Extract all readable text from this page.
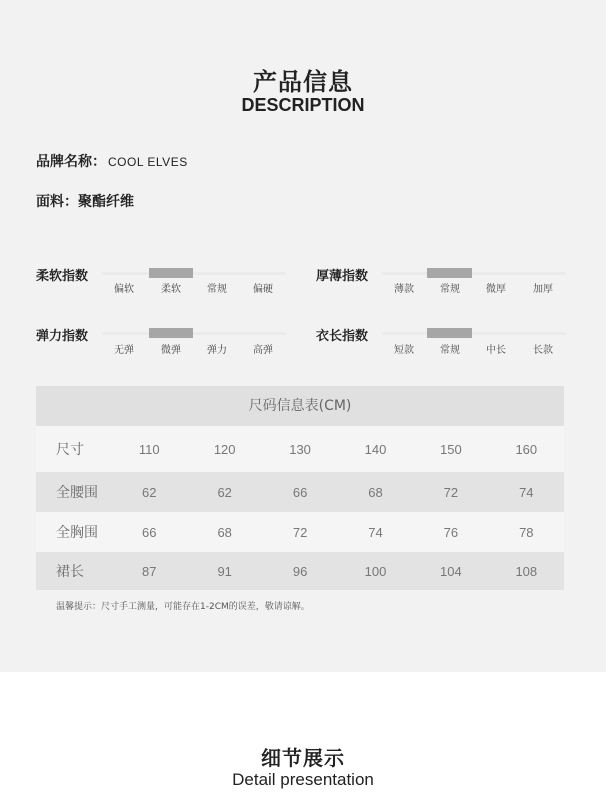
产品信息
DESCRIPTION
品牌名称： COOL ELVES
面料：聚酯纤维
柔软指数
偏软	柔软	常规	偏硬
厚薄指数
薄款	常规	微厚	加厚
弹力指数
无弹	微弹	弹力	高弹
衣长指数
短款	常规	中长	长款
尺码信息表(CM)
尺寸	110	120	130	140	150	160
全腰围	62	62	66	68	72	74
全胸围	66	68	72	74	76	78
裙长	87	91	96	100	104	108
温馨提示：尺寸手工测量，可能存在1-2CM的误差，敬请谅解。
细节展示
Detail presentation
